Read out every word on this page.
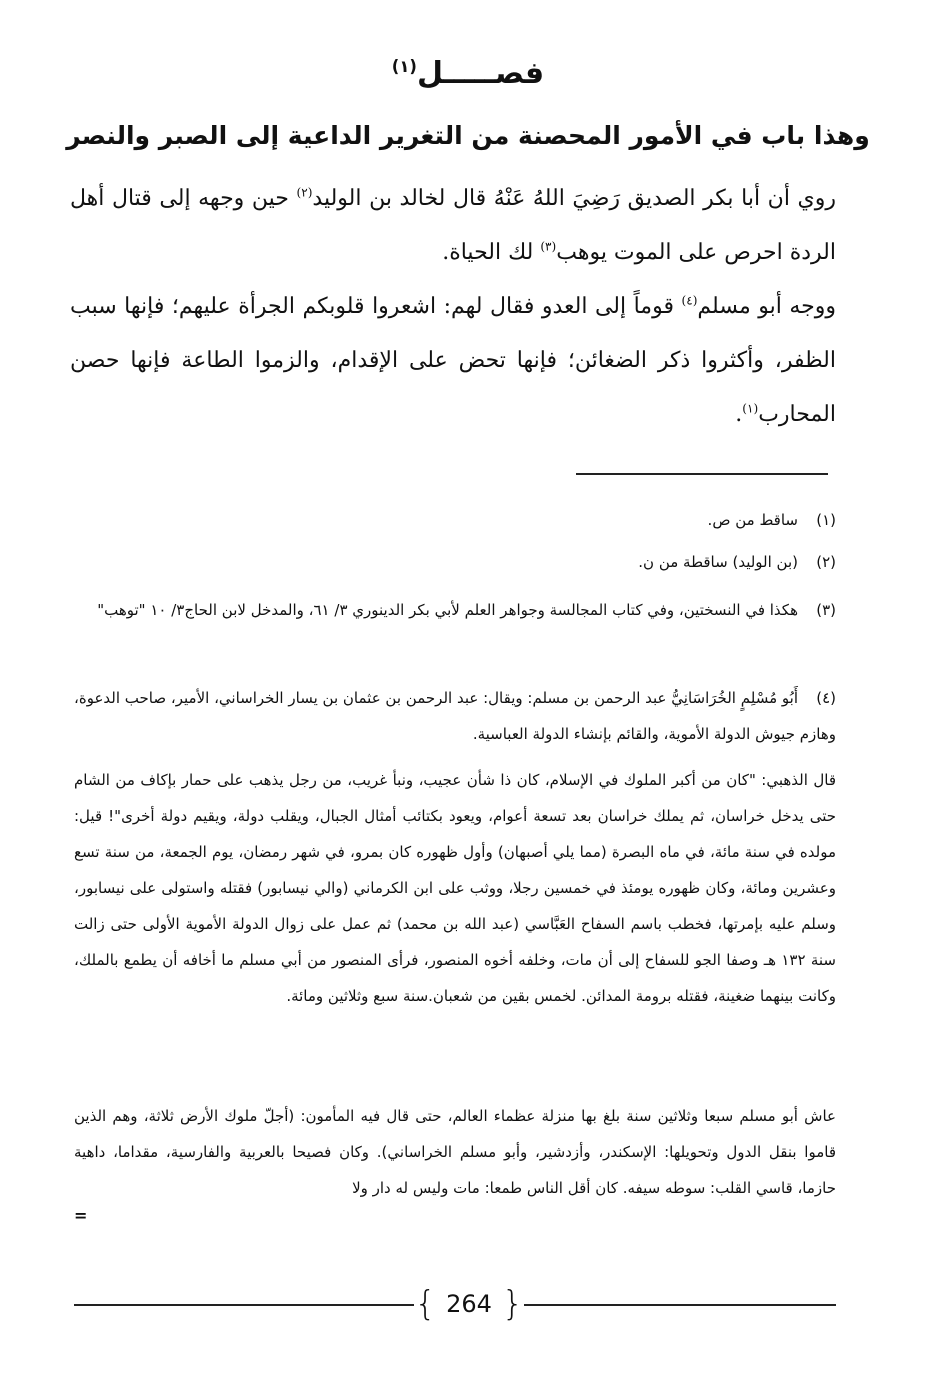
فصـــــل$^{(١)}$
وهذا باب في الأمور المحصنة من التغرير الداعية إلى الصبر والنصر
روي أن أبا بكر الصديق رَضِيَ اللهُ عَنْهُ قال لخالد بن الوليد$^{(٢)}$ حين وجهه إلى قتال أهل الردة احرص على الموت يوهب$^{(٣)}$ لك الحياة.
ووجه أبو مسلم$^{(٤)}$ قوماً إلى العدو فقال لهم: اشعروا قلوبكم الجرأة عليهم؛ فإنها سبب الظفر، وأكثروا ذكر الضغائن؛ فإنها تحض على الإقدام، والزموا الطاعة فإنها حصن المحارب$^{(١)}$.
(١)ساقط من ص.
(٢)(بن الوليد) ساقطة من ن.
(٣)هكذا في النسختين، وفي كتاب المجالسة وجواهر العلم لأبي بكر الدينوري ٣/ ٦١، والمدخل لابن الحاج٣/ ١٠ "توهب"
(٤)أَبُو مُسْلِمٍ الخُرَاسَانِيُّ عبد الرحمن بن مسلم: ويقال: عبد الرحمن بن عثمان بن يسار الخراساني، الأمير، صاحب الدعوة، وهازم جيوش الدولة الأموية، والقائم بإنشاء الدولة العباسية.
قال الذهبي: "كان من أكبر الملوك في الإسلام، كان ذا شأن عجيب، ونبأ غريب، من رجل يذهب على حمار بإكاف من الشام حتى يدخل خراسان، ثم يملك خراسان بعد تسعة أعوام، ويعود بكتائب أمثال الجبال، ويقلب دولة، ويقيم دولة أخرى"! قيل: مولده في سنة مائة، في ماه البصرة (مما يلي أصبهان) وأول ظهوره كان بمرو، في شهر رمضان، يوم الجمعة، من سنة تسع وعشرين ومائة، وكان ظهوره يومئذ في خمسين رجلا، ووثب على ابن الكرماني (والي نيسابور) فقتله واستولى على نيسابور، وسلم عليه بإمرتها، فخطب باسم السفاح العَبَّاسي (عبد الله بن محمد) ثم عمل على زوال الدولة الأموية الأولى حتى زالت سنة ١٣٢ هـ وصفا الجو للسفاح إلى أن مات، وخلفه أخوه المنصور، فرأى المنصور من أبي مسلم ما أخافه أن يطمع بالملك، وكانت بينهما ضغينة، فقتله برومة المدائن. لخمس بقين من شعبان.سنة سبع وثلاثين ومائة.
عاش أبو مسلم سبعا وثلاثين سنة بلغ بها منزلة عظماء العالم، حتى قال فيه المأمون: (أجلّ ملوك الأرض ثلاثة، وهم الذين قاموا بنقل الدول وتحويلها: الإسكندر، وأزدشير، وأبو مسلم الخراساني). وكان فصيحا بالعربية والفارسية، مقداما، داهية حازما، قاسي القلب: سوطه سيفه. كان أقل الناس طمعا: مات وليس له دار ولا
=
{ 264 }
